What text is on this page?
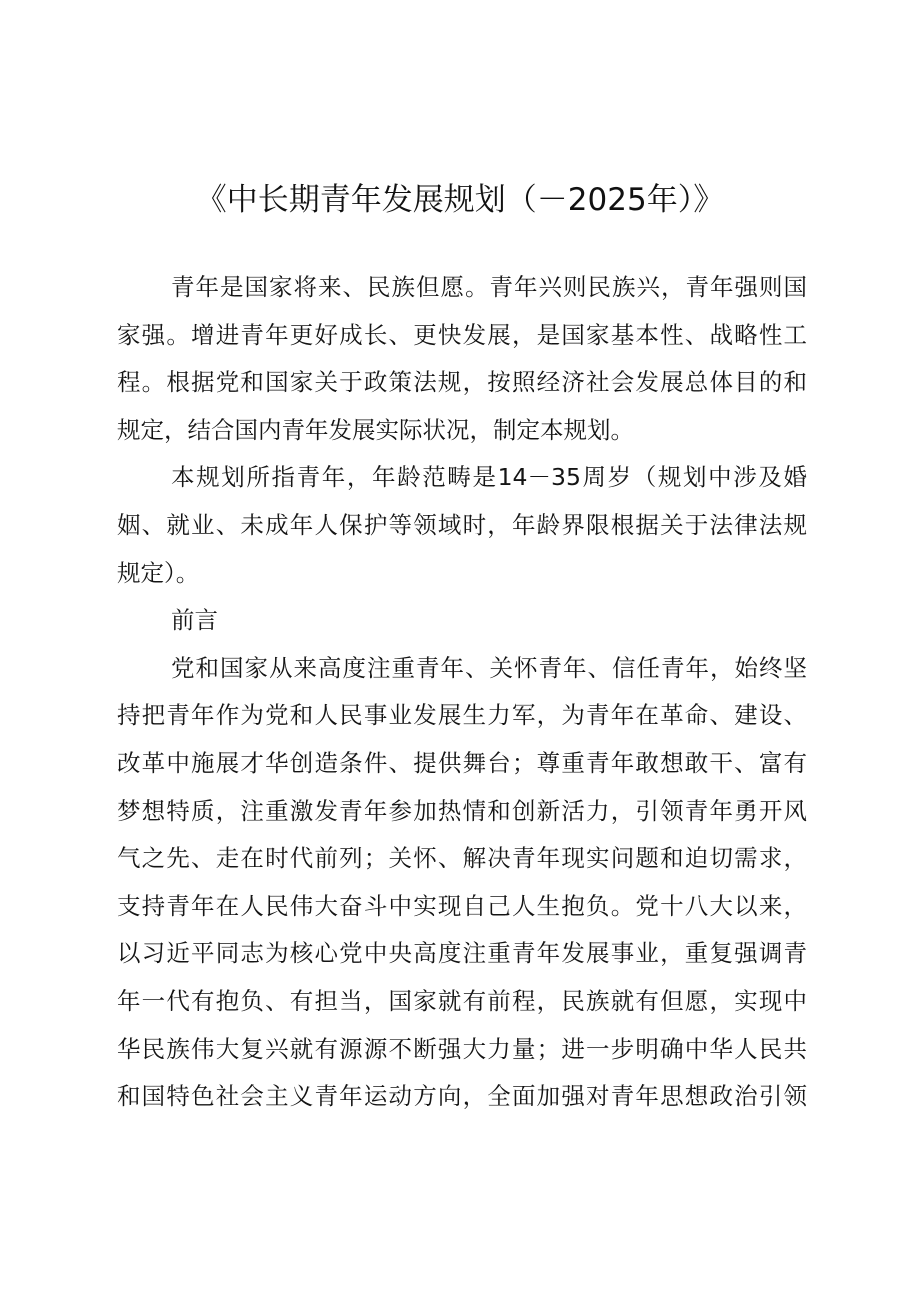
《中长期青年发展规划（－2025年）》
青年是国家将来、民族但愿。青年兴则民族兴，青年强则国
家强。增进青年更好成长、更快发展，是国家基本性、战略性工
程。根据党和国家关于政策法规，按照经济社会发展总体目的和
规定，结合国内青年发展实际状况，制定本规划。
本规划所指青年，年龄范畴是14－35周岁（规划中涉及婚
姻、就业、未成年人保护等领域时，年龄界限根据关于法律法规
规定）。
前言
党和国家从来高度注重青年、关怀青年、信任青年，始终坚
持把青年作为党和人民事业发展生力军，为青年在革命、建设、
改革中施展才华创造条件、提供舞台；尊重青年敢想敢干、富有
梦想特质，注重激发青年参加热情和创新活力，引领青年勇开风
气之先、走在时代前列；关怀、解决青年现实问题和迫切需求，
支持青年在人民伟大奋斗中实现自己人生抱负。党十八大以来，
以习近平同志为核心党中央高度注重青年发展事业，重复强调青
年一代有抱负、有担当，国家就有前程，民族就有但愿，实现中
华民族伟大复兴就有源源不断强大力量；进一步明确中华人民共
和国特色社会主义青年运动方向，全面加强对青年思想政治引领
